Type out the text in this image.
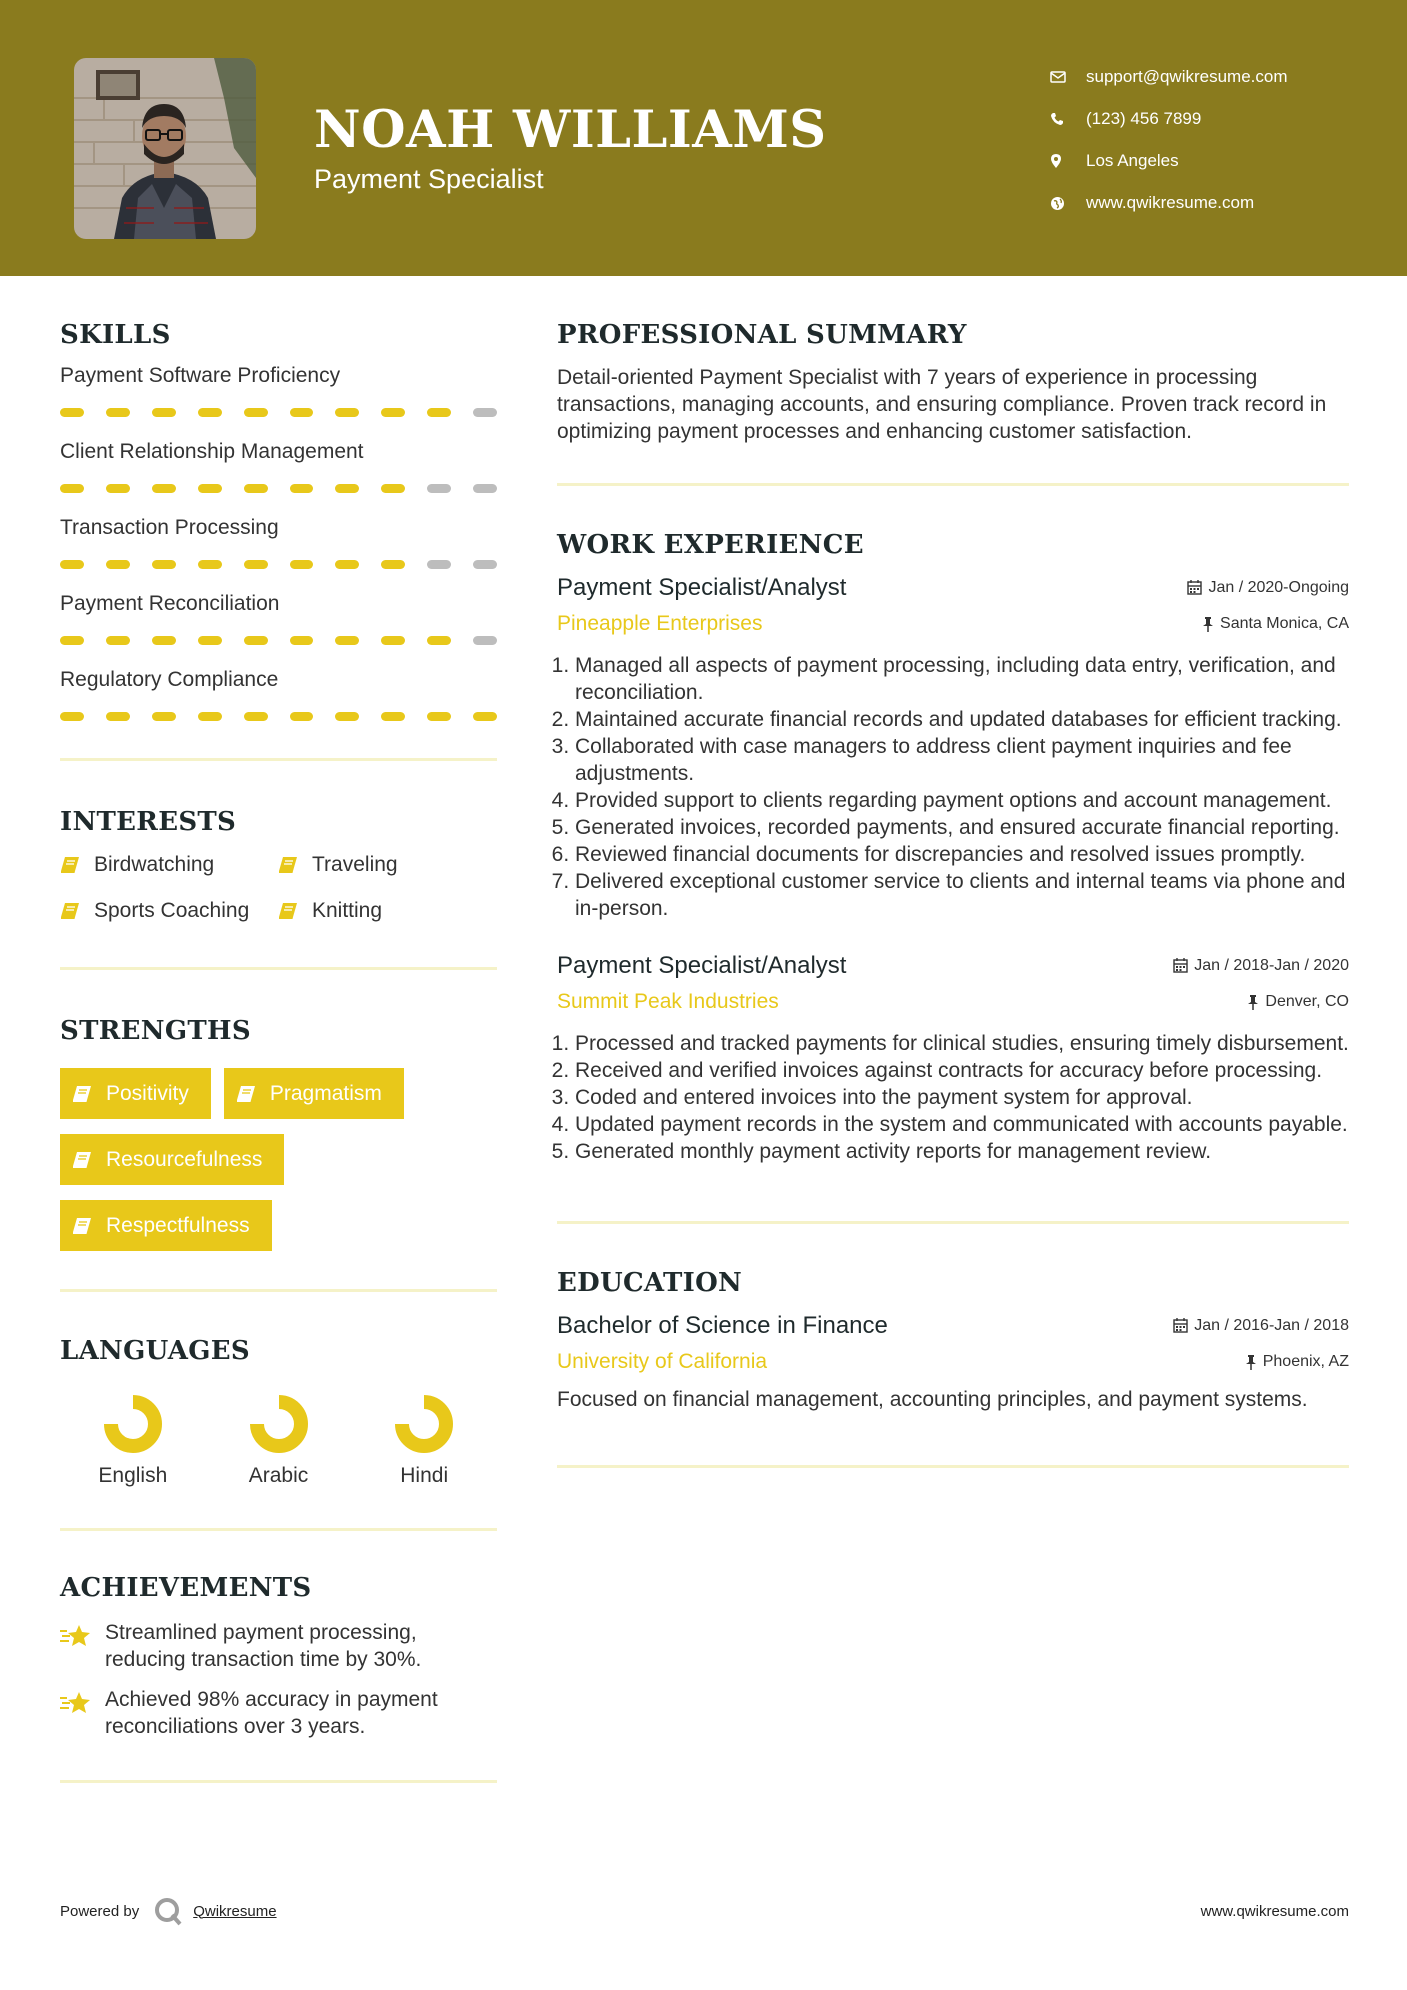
NOAH WILLIAMS
Payment Specialist
support@qwikresume.com
(123) 456 7899
Los Angeles
www.qwikresume.com
SKILLS
Payment Software Proficiency
Client Relationship Management
Transaction Processing
Payment Reconciliation
Regulatory Compliance
INTERESTS
Birdwatching	Traveling
Sports Coaching	Knitting
STRENGTHS
Positivity	Pragmatism
Resourcefulness
Respectfulness
LANGUAGES
English	Arabic	Hindi
ACHIEVEMENTS
Streamlined payment processing, reducing transaction time by 30%.
Achieved 98% accuracy in payment reconciliations over 3 years.
PROFESSIONAL SUMMARY
Detail-oriented Payment Specialist with 7 years of experience in processing transactions, managing accounts, and ensuring compliance. Proven track record in optimizing payment processes and enhancing customer satisfaction.
WORK EXPERIENCE
Payment Specialist/Analyst	Jan / 2020-Ongoing
Pineapple Enterprises	Santa Monica, CA
1. Managed all aspects of payment processing, including data entry, verification, and reconciliation.
2. Maintained accurate financial records and updated databases for efficient tracking.
3. Collaborated with case managers to address client payment inquiries and fee adjustments.
4. Provided support to clients regarding payment options and account management.
5. Generated invoices, recorded payments, and ensured accurate financial reporting.
6. Reviewed financial documents for discrepancies and resolved issues promptly.
7. Delivered exceptional customer service to clients and internal teams via phone and in-person.
Payment Specialist/Analyst	Jan / 2018-Jan / 2020
Summit Peak Industries	Denver, CO
1. Processed and tracked payments for clinical studies, ensuring timely disbursement.
2. Received and verified invoices against contracts for accuracy before processing.
3. Coded and entered invoices into the payment system for approval.
4. Updated payment records in the system and communicated with accounts payable.
5. Generated monthly payment activity reports for management review.
EDUCATION
Bachelor of Science in Finance	Jan / 2016-Jan / 2018
University of California	Phoenix, AZ
Focused on financial management, accounting principles, and payment systems.
Powered by	Qwikresume	www.qwikresume.com
